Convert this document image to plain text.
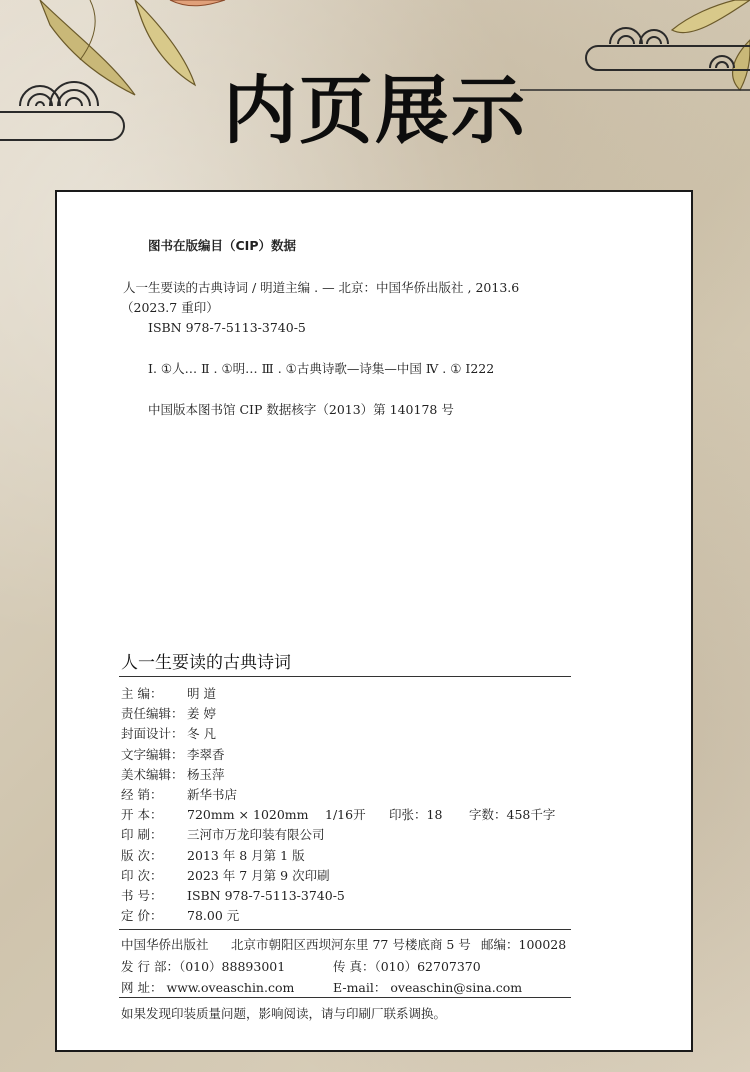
内页展示
图书在版编目（CIP）数据
人一生要读的古典诗词 / 明道主编 . — 北京：中国华侨出版社 , 2013.6
（2023.7 重印）
ISBN 978-7-5113-3740-5
I. ①人… Ⅱ . ①明… Ⅲ . ①古典诗歌—诗集—中国 Ⅳ . ① I222
中国版本图书馆 CIP 数据核字（2013）第 140178 号
人一生要读的古典诗词
主 编： 明 道
责任编辑： 姜 婷
封面设计： 冬 凡
文字编辑： 李翠香
美术编辑： 杨玉萍
经 销： 新华书店
开 本： 720mm × 1020mm 1/16开 印张：18 字数：458千字
印 刷： 三河市万龙印装有限公司
版 次： 2013 年 8 月第 1 版
印 次： 2023 年 7 月第 9 次印刷
书 号： ISBN 978-7-5113-3740-5
定 价： 78.00 元
中国华侨出版社 北京市朝阳区西坝河东里 77 号楼底商 5 号 邮编：100028
发 行 部：（010）88893001	传 真：（010）62707370
网 址： www.oveaschin.com	E-mail： oveaschin@sina.com
如果发现印装质量问题，影响阅读，请与印刷厂联系调换。
